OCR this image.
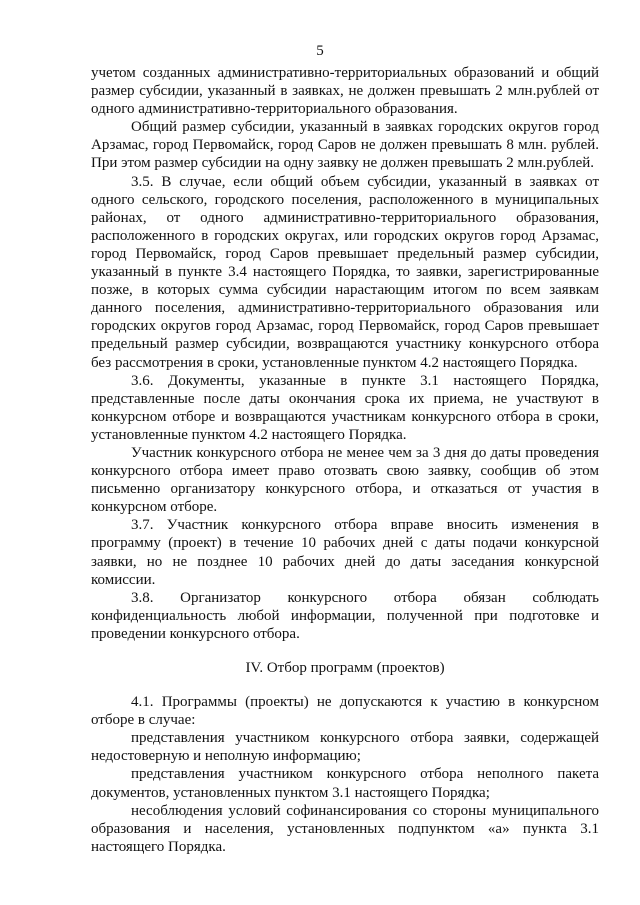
5

учетом созданных административно-территориальных образований и общий размер субсидии, указанный в заявках, не должен превышать 2 млн.рублей от одного административно-территориального образования.

Общий размер субсидии, указанный в заявках городских округов город Арзамас, город Первомайск, город Саров не должен превышать 8 млн. рублей. При этом размер субсидии на одну заявку не должен превышать 2 млн.рублей.

3.5. В случае, если общий объем субсидии, указанный в заявках от одного сельского, городского поселения, расположенного в муниципальных районах, от одного административно-территориального образования, расположенного в городских округах, или городских округов город Арзамас, город Первомайск, город Саров превышает предельный размер субсидии, указанный в пункте 3.4 настоящего Порядка, то заявки, зарегистрированные позже, в которых сумма субсидии нарастающим итогом по всем заявкам данного поселения, административно-территориального образования или городских округов город Арзамас, город Первомайск, город Саров превышает предельный размер субсидии, возвращаются участнику конкурсного отбора без рассмотрения в сроки, установленные пунктом 4.2 настоящего Порядка.

3.6. Документы, указанные в пункте 3.1 настоящего Порядка, представленные после даты окончания срока их приема, не участвуют в конкурсном отборе и возвращаются участникам конкурсного отбора в сроки, установленные пунктом 4.2 настоящего Порядка.

Участник конкурсного отбора не менее чем за 3 дня до даты проведения конкурсного отбора имеет право отозвать свою заявку, сообщив об этом письменно организатору конкурсного отбора, и отказаться от участия в конкурсном отборе.

3.7. Участник конкурсного отбора вправе вносить изменения в программу (проект) в течение 10 рабочих дней с даты подачи конкурсной заявки, но не позднее 10 рабочих дней до даты заседания конкурсной комиссии.

3.8. Организатор конкурсного отбора обязан соблюдать конфиденциальность любой информации, полученной при подготовке и проведении конкурсного отбора.

IV. Отбор программ (проектов)

4.1. Программы (проекты) не допускаются к участию в конкурсном отборе в случае:

представления участником конкурсного отбора заявки, содержащей недостоверную и неполную информацию;

представления участником конкурсного отбора неполного пакета документов, установленных пунктом 3.1 настоящего Порядка;

несоблюдения условий софинансирования со стороны муниципального образования и населения, установленных подпунктом «а» пункта 3.1 настоящего Порядка.
